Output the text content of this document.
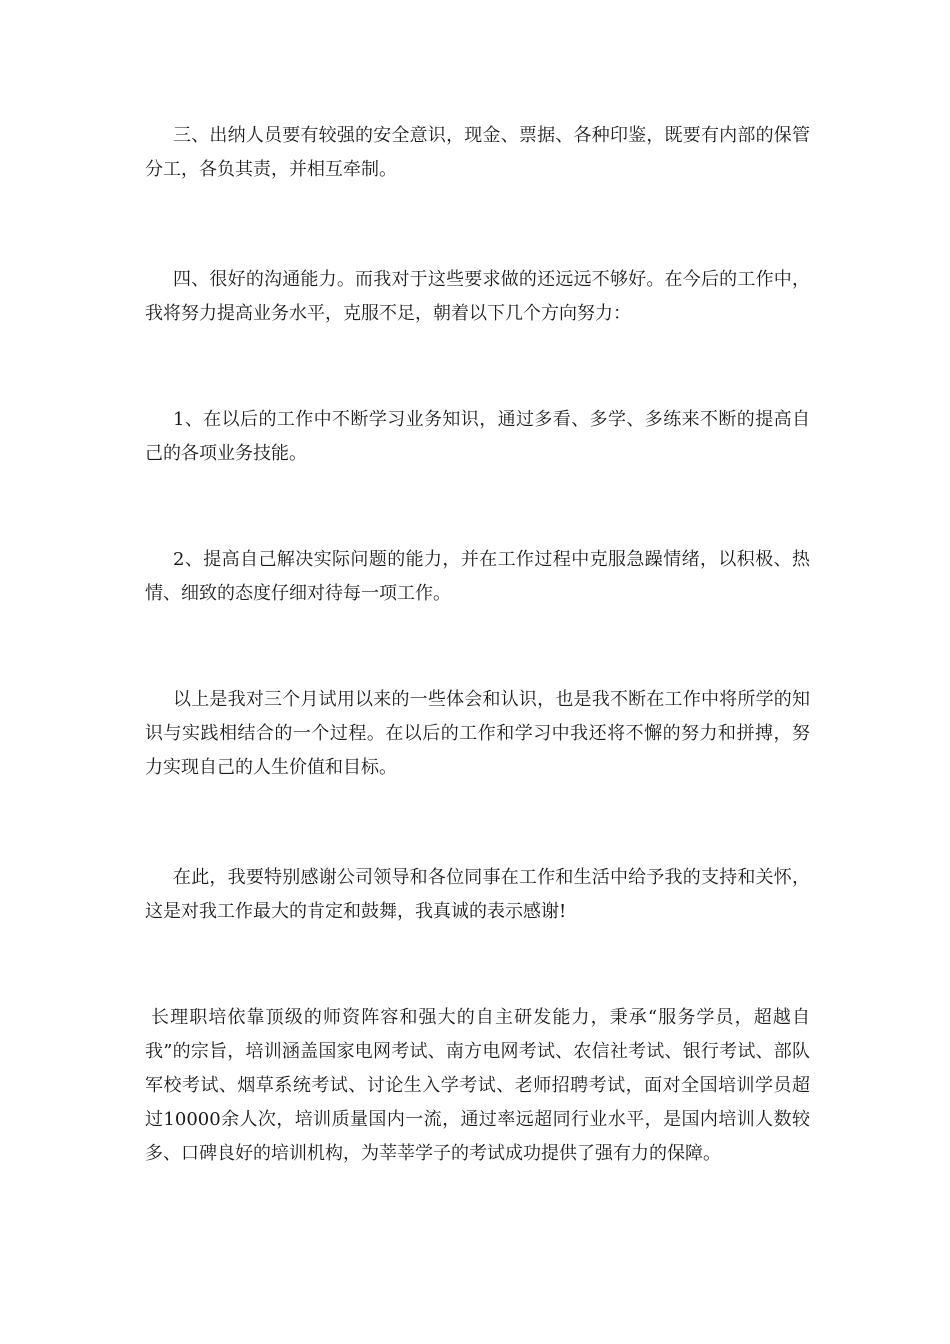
三、出纳人员要有较强的安全意识，现金、票据、各种印鉴，既要有内部的保管分工，各负其责，并相互牵制。

四、很好的沟通能力。而我对于这些要求做的还远远不够好。在今后的工作中，我将努力提高业务水平，克服不足，朝着以下几个方向努力：

1、在以后的工作中不断学习业务知识，通过多看、多学、多练来不断的提高自己的各项业务技能。

2、提高自己解决实际问题的能力，并在工作过程中克服急躁情绪，以积极、热情、细致的态度仔细对待每一项工作。

以上是我对三个月试用以来的一些体会和认识，也是我不断在工作中将所学的知识与实践相结合的一个过程。在以后的工作和学习中我还将不懈的努力和拼搏，努力实现自己的人生价值和目标。

在此，我要特别感谢公司领导和各位同事在工作和生活中给予我的支持和关怀，这是对我工作最大的肯定和鼓舞，我真诚的表示感谢!

长理职培依靠顶级的师资阵容和强大的自主研发能力，秉承“服务学员，超越自我”的宗旨，培训涵盖国家电网考试、南方电网考试、农信社考试、银行考试、部队军校考试、烟草系统考试、讨论生入学考试、老师招聘考试，面对全国培训学员超过10000余人次，培训质量国内一流，通过率远超同行业水平，是国内培训人数较多、口碑良好的培训机构，为莘莘学子的考试成功提供了强有力的保障。
